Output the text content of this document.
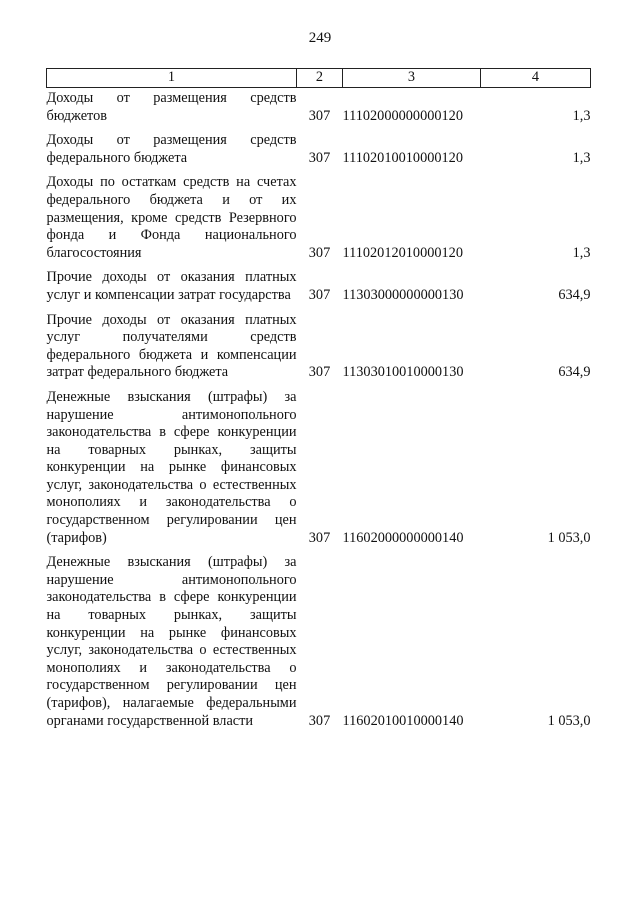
249
1	2	3	4
Доходы от размещения средств бюджетов	307	11102000000000120	1,3
Доходы от размещения средств федерального бюджета	307	11102010010000120	1,3
Доходы по остаткам средств на счетах федерального бюджета и от их размещения, кроме средств Резервного фонда и Фонда национального благосостояния	307	11102012010000120	1,3
Прочие доходы от оказания платных услуг и компенсации затрат государства	307	11303000000000130	634,9
Прочие доходы от оказания платных услуг получателями средств федерального бюджета и компенсации затрат федерального бюджета	307	11303010010000130	634,9
Денежные взыскания (штрафы) за нарушение антимонопольного законодательства в сфере конкуренции на товарных рынках, защиты конкуренции на рынке финансовых услуг, законодательства о естественных монополиях и законодательства о государственном регулировании цен (тарифов)	307	11602000000000140	1 053,0
Денежные взыскания (штрафы) за нарушение антимонопольного законодательства в сфере конкуренции на товарных рынках, защиты конкуренции на рынке финансовых услуг, законодательства о естественных монополиях и законодательства о государственном регулировании цен (тарифов), налагаемые федеральными органами государственной власти	307	11602010010000140	1 053,0
